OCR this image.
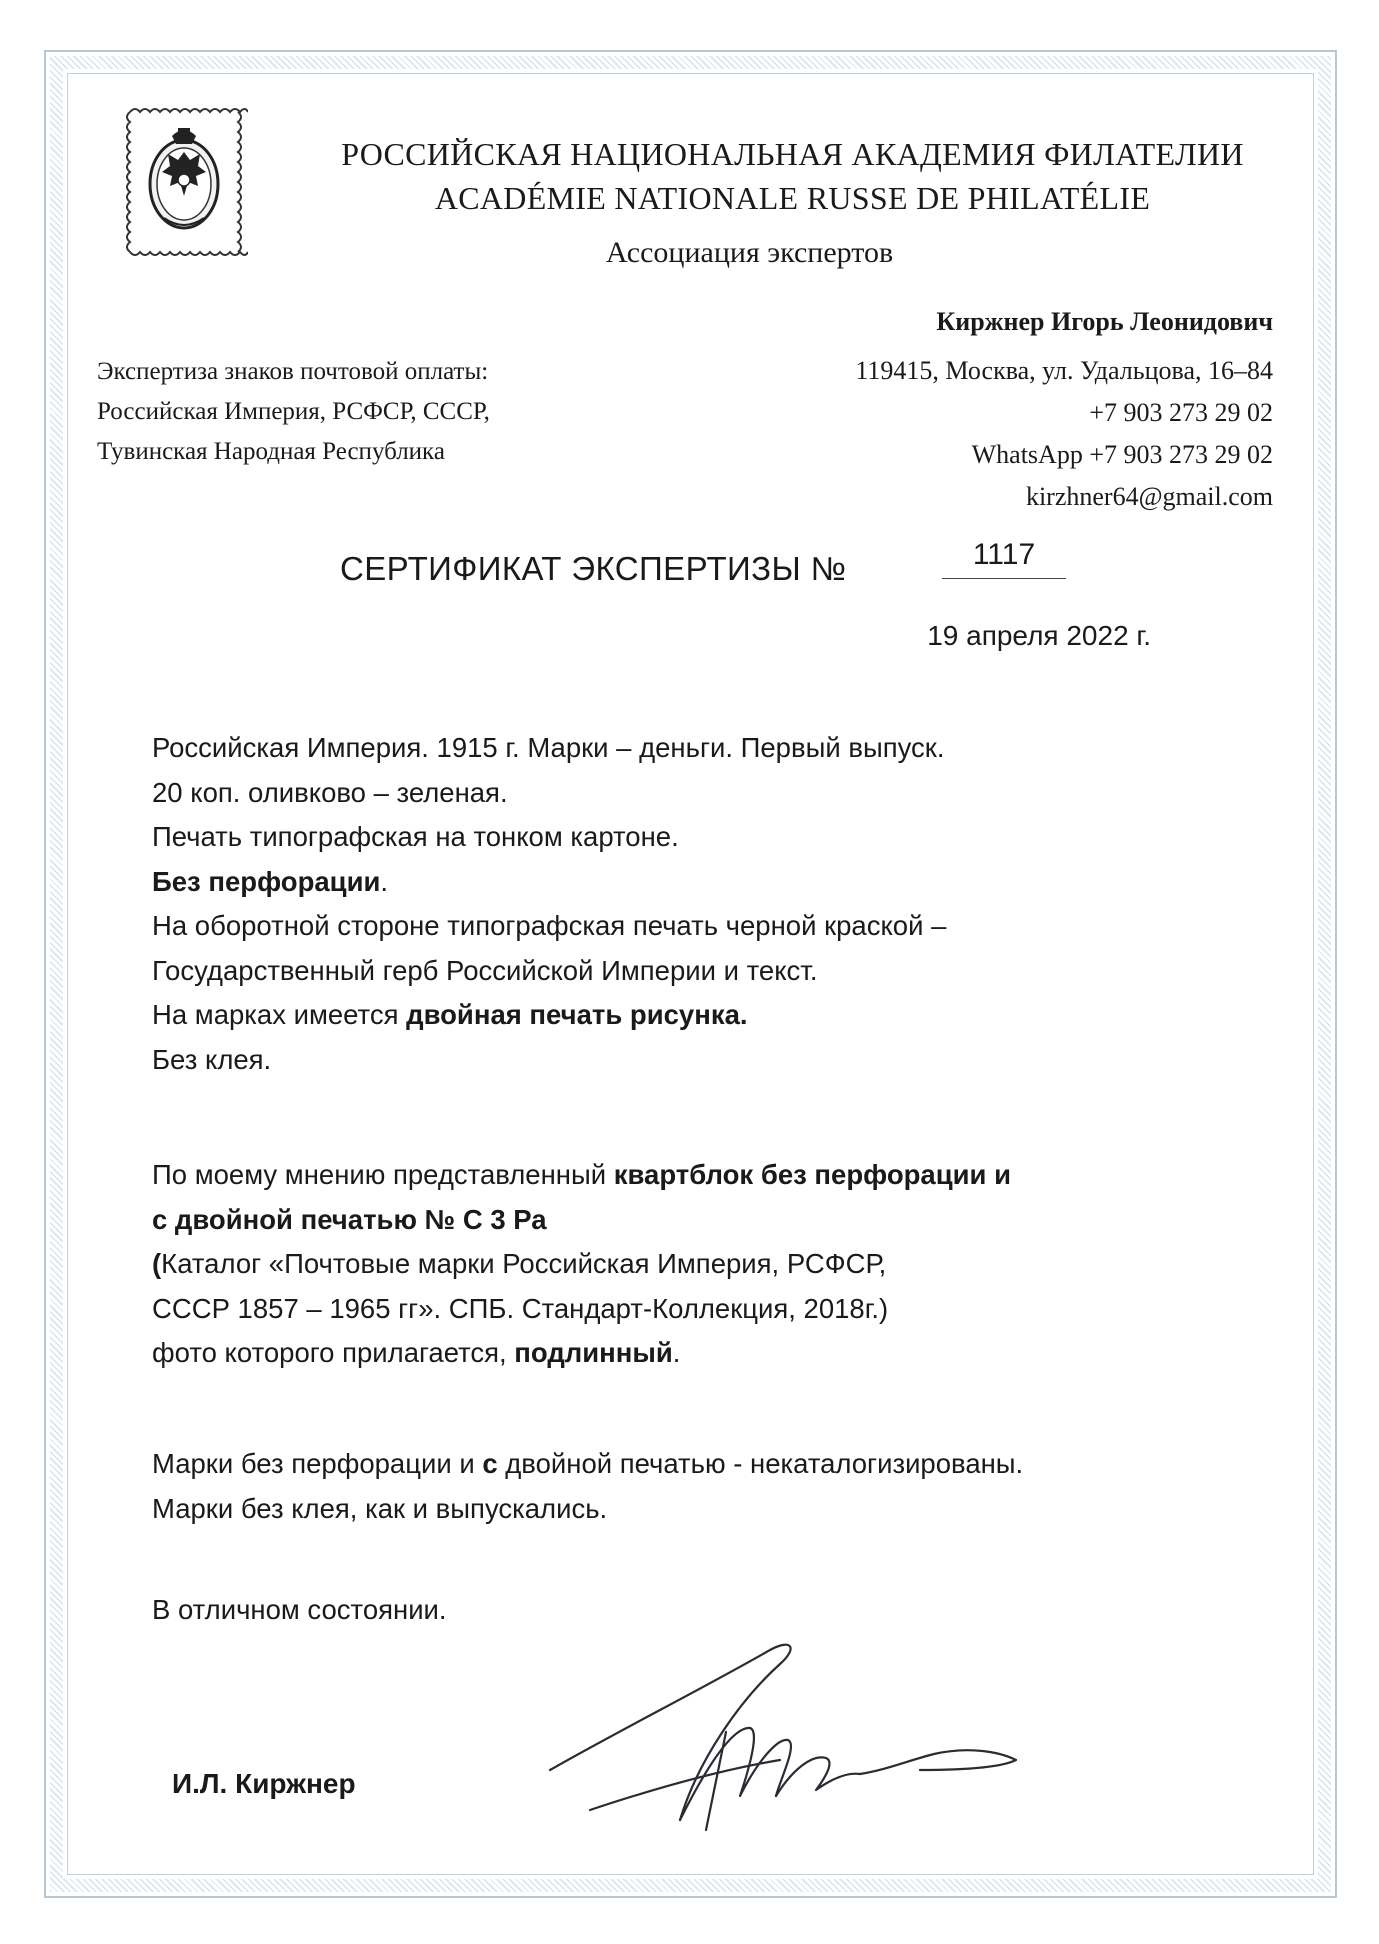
РОССИЙСКАЯ НАЦИОНАЛЬНАЯ АКАДЕМИЯ ФИЛАТЕЛИИ
ACADÉMIE NATIONALE RUSSE DE PHILATÉLIE
Ассоциация экспертов
Киржнер Игорь Леонидович
119415, Москва, ул. Удальцова, 16–84
+7 903 273 29 02
WhatsApp +7 903 273 29 02
kirzhner64@gmail.com
Экспертиза знаков почтовой оплаты:
Российская Империя, РСФСР, СССР,
Тувинская Народная Республика
СЕРТИФИКАТ ЭКСПЕРТИЗЫ №	1117
19 апреля 2022 г.

Российская Империя. 1915 г. Марки – деньги. Первый выпуск.

20 коп. оливково – зеленая.

Печать типографская на тонком картоне.

Без перфорации.

На оборотной стороне типографская печать черной краской –

Государственный герб Российской Империи и текст.

На марках имеется двойная печать рисунка.

Без клея.

По моему мнению представленный квартблок без перфорации и

с двойной печатью № С 3 Ра

(Каталог «Почтовые марки Российская Империя, РСФСР,

СССР 1857 – 1965 гг». СПБ. Стандарт-Коллекция, 2018г.)

фото которого прилагается, подлинный.

Марки без перфорации и с двойной печатью - некаталогизированы.

Марки без клея, как и выпускались.

В отличном состоянии.

И.Л. Киржнер
